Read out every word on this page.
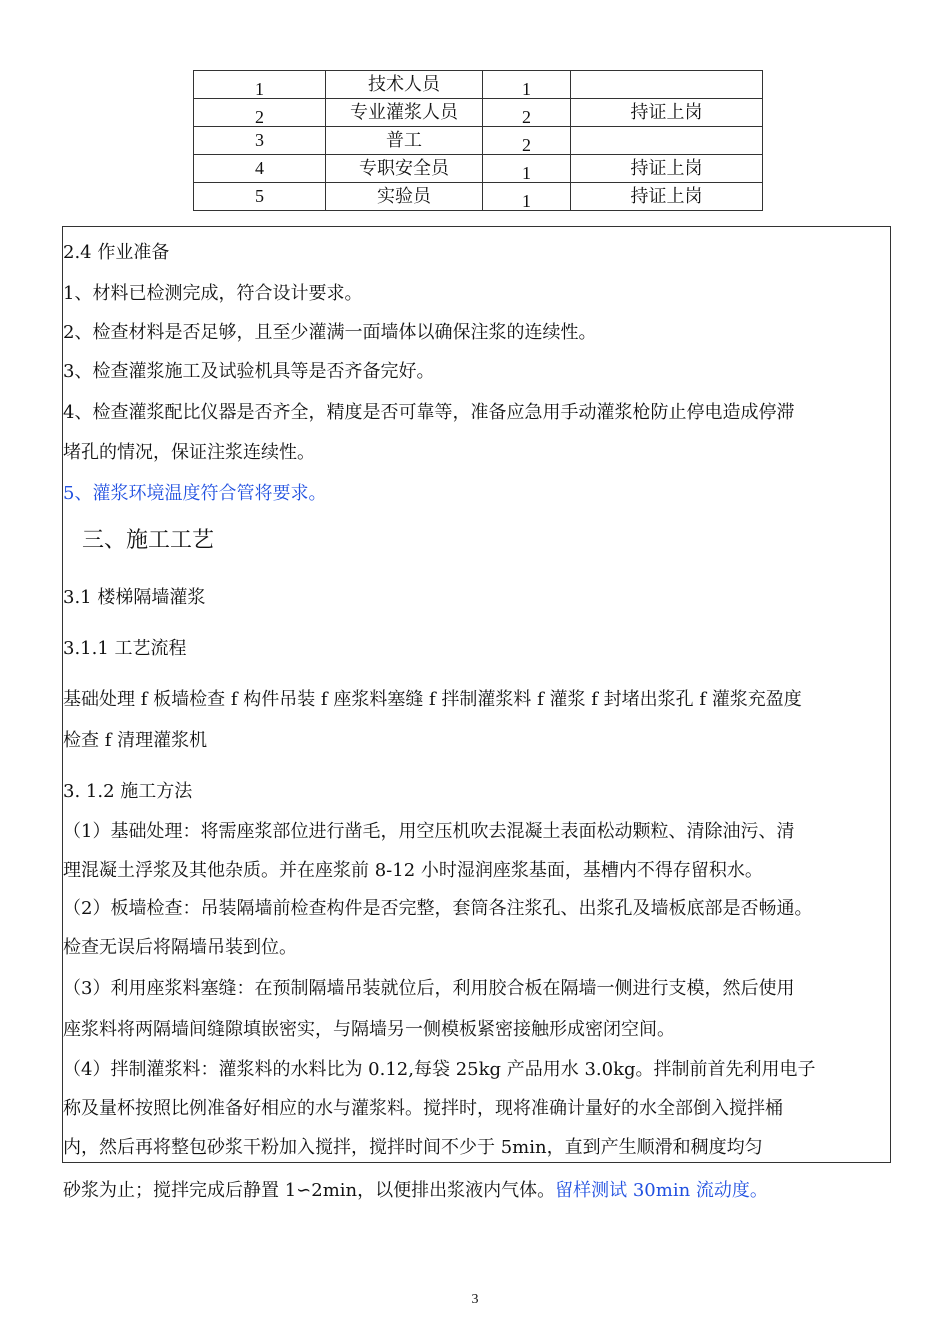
1	技术人员	1	
2	专业灌浆人员	2	持证上岗
3	普工	2	
4	专职安全员	1	持证上岗
5	实验员	1	持证上岗
2.4 作业准备
1、材料已检测完成，符合设计要求。
2、检查材料是否足够，且至少灌满一面墙体以确保注浆的连续性。
3、检查灌浆施工及试验机具等是否齐备完好。
4、检查灌浆配比仪器是否齐全，精度是否可靠等，准备应急用手动灌浆枪防止停电造成停滞
堵孔的情况，保证注浆连续性。
5、灌浆环境温度符合管将要求。
三、施工工艺
3.1 楼梯隔墙灌浆
3.1.1 工艺流程
基础处理 f 板墙检查 f 构件吊装 f 座浆料塞缝 f 拌制灌浆料 f 灌浆 f 封堵出浆孔 f 灌浆充盈度
检查 f 清理灌浆机
3. 1.2 施工方法
（1）基础处理：将需座浆部位进行凿毛，用空压机吹去混凝土表面松动颗粒、清除油污、清
理混凝土浮浆及其他杂质。并在座浆前 8-12 小时湿润座浆基面，基槽内不得存留积水。
（2）板墙检查：吊装隔墙前检查构件是否完整，套筒各注浆孔、出浆孔及墙板底部是否畅通。
检查无误后将隔墙吊装到位。
（3）利用座浆料塞缝：在预制隔墙吊装就位后，利用胶合板在隔墙一侧进行支模，然后使用
座浆料将两隔墙间缝隙填嵌密实，与隔墙另一侧模板紧密接触形成密闭空间。
（4）拌制灌浆料：灌浆料的水料比为 0.12,每袋 25kg 产品用水 3.0kg。拌制前首先利用电子
称及量杯按照比例准备好相应的水与灌浆料。搅拌时，现将准确计量好的水全部倒入搅拌桶
内，然后再将整包砂浆干粉加入搅拌，搅拌时间不少于 5min，直到产生顺滑和稠度均匀
砂浆为止；搅拌完成后静置 1∽2min，以便排出浆液内气体。留样测试 30min 流动度。
3
